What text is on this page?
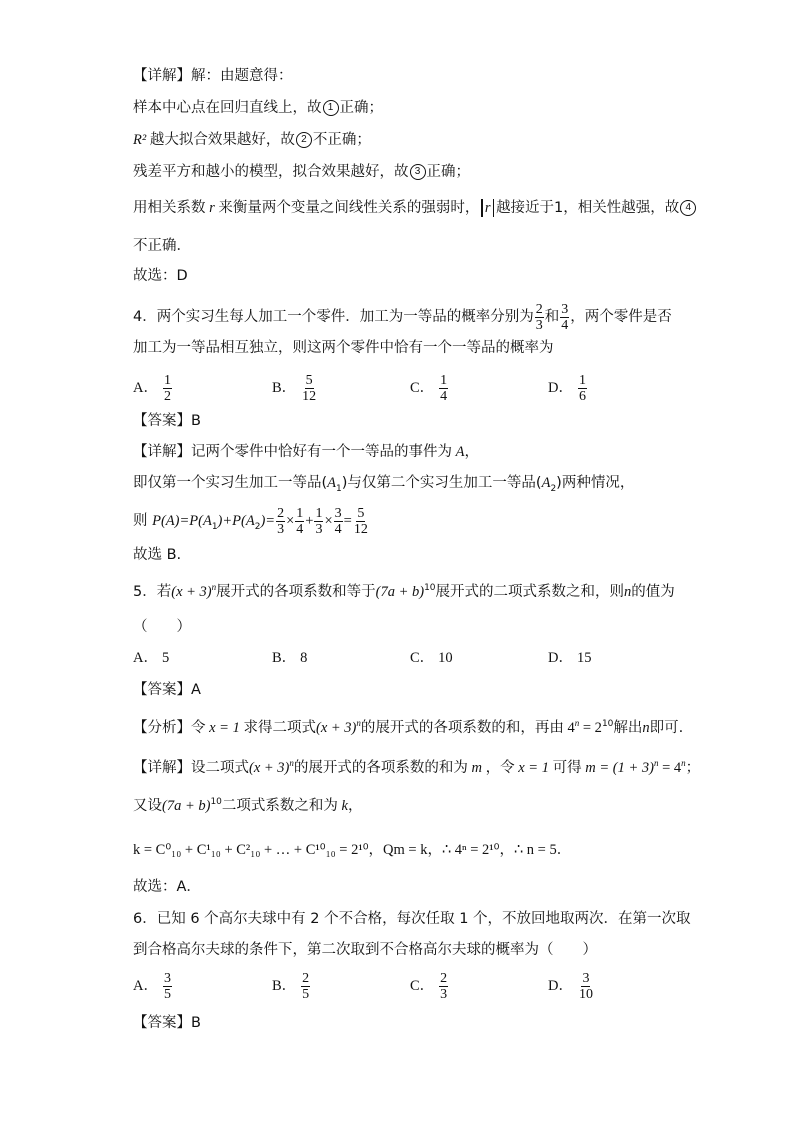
【详解】解：由题意得：
样本中心点在回归直线上，故 1 正确；
R² 越大拟合效果越好，故 2 不正确；
残差平方和越小的模型，拟合效果越好，故 3 正确；
用相关系数 r 来衡量两个变量之间线性关系的强弱时， r 越接近于1，相关性越强，故 4
不正确．
故选：D
4．两个实习生每人加工一个零件．加工为一等品的概率分别为 $\frac{2}{3}$ 和 $\frac{3}{4}$ ，两个零件是否
加工为一等品相互独立，则这两个零件中恰有一个一等品的概率为
A． $\frac{1}{2}$	B． $\frac{5}{12}$	C． $\frac{1}{4}$	D． $\frac{1}{6}$
【答案】B
【详解】记两个零件中恰好有一个一等品的事件为 A，
即仅第一个实习生加工一等品$(A_1)$与仅第二个实习生加工一等品$(A_2)$两种情况，
则 $P(A)=P(A_1)+P(A_2)= \frac{2}{3} \times \frac{1}{4} + \frac{1}{3} \times \frac{3}{4} = \frac{5}{12}$
故选 B.
5．若$(x + 3)^n$展开式的各项系数和等于$(7a + b)^{10}$展开式的二项式系数之和，则n的值为
（　　）
A． 5	B． 8	C． 10	D． 15
【答案】A
【分析】令 x = 1 求得二项式$(x + 3)^n$的展开式的各项系数的和，再由 $4^n = 2^{10}$解出n即可.
【详解】设二项式$(x + 3)^n$的展开式的各项系数的和为 m ，令 x = 1 可得 $m = (1 + 3)^n = 4^n$；
又设$(7a + b)^{10}$二项式系数之和为 k，
k = C⁰₁₀ + C¹₁₀ + C²₁₀ + … + C¹⁰₁₀ = 2¹⁰，Qm = k，∴ 4ⁿ = 2¹⁰，∴ n = 5．
故选：A．
6．已知 6 个高尔夫球中有 2 个不合格，每次任取 1 个，不放回地取两次．在第一次取
到合格高尔夫球的条件下，第二次取到不合格高尔夫球的概率为（　　）
A． $\frac{3}{5}$	B． $\frac{2}{5}$	C． $\frac{2}{3}$	D． $\frac{3}{10}$
【答案】B
